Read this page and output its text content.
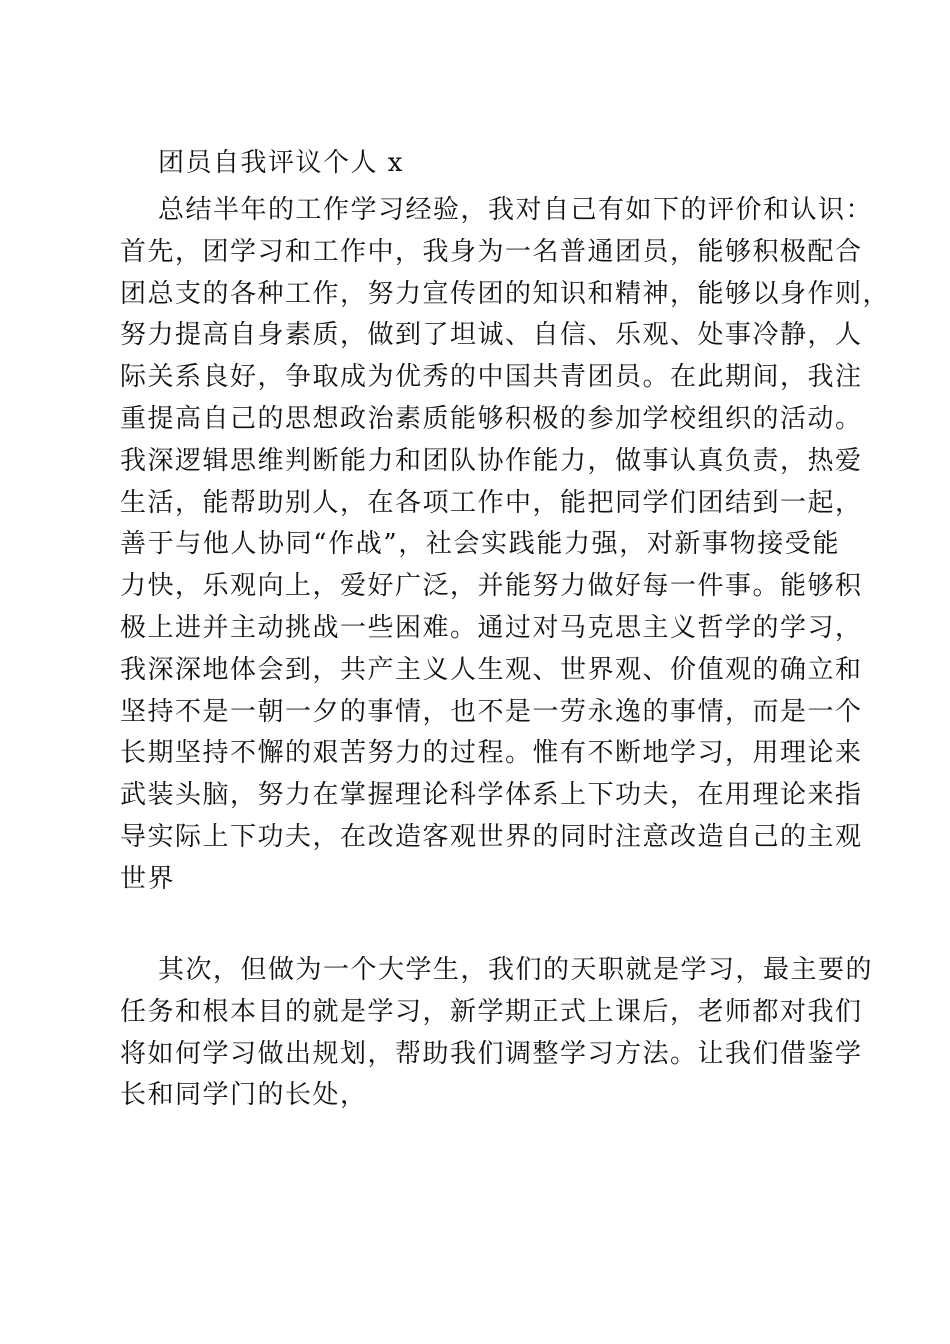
团员自我评议个人 x
总结半年的工作学习经验，我对自己有如下的评价和认识：
首先，团学习和工作中，我身为一名普通团员，能够积极配合
团总支的各种工作，努力宣传团的知识和精神，能够以身作则，
努力提高自身素质，做到了坦诚、自信、乐观、处事冷静，人
际关系良好，争取成为优秀的中国共青团员。在此期间，我注
重提高自己的思想政治素质能够积极的参加学校组织的活动。
我深逻辑思维判断能力和团队协作能力，做事认真负责，热爱
生活，能帮助别人，在各项工作中，能把同学们团结到一起，
善于与他人协同“作战”，社会实践能力强，对新事物接受能
力快，乐观向上，爱好广泛，并能努力做好每一件事。能够积
极上进并主动挑战一些困难。通过对马克思主义哲学的学习，
我深深地体会到，共产主义人生观、世界观、价值观的确立和
坚持不是一朝一夕的事情，也不是一劳永逸的事情，而是一个
长期坚持不懈的艰苦努力的过程。惟有不断地学习，用理论来
武装头脑，努力在掌握理论科学体系上下功夫，在用理论来指
导实际上下功夫，在改造客观世界的同时注意改造自己的主观
世界
其次，但做为一个大学生，我们的天职就是学习，最主要的
任务和根本目的就是学习，新学期正式上课后，老师都对我们
将如何学习做出规划，帮助我们调整学习方法。让我们借鉴学
长和同学门的长处，
